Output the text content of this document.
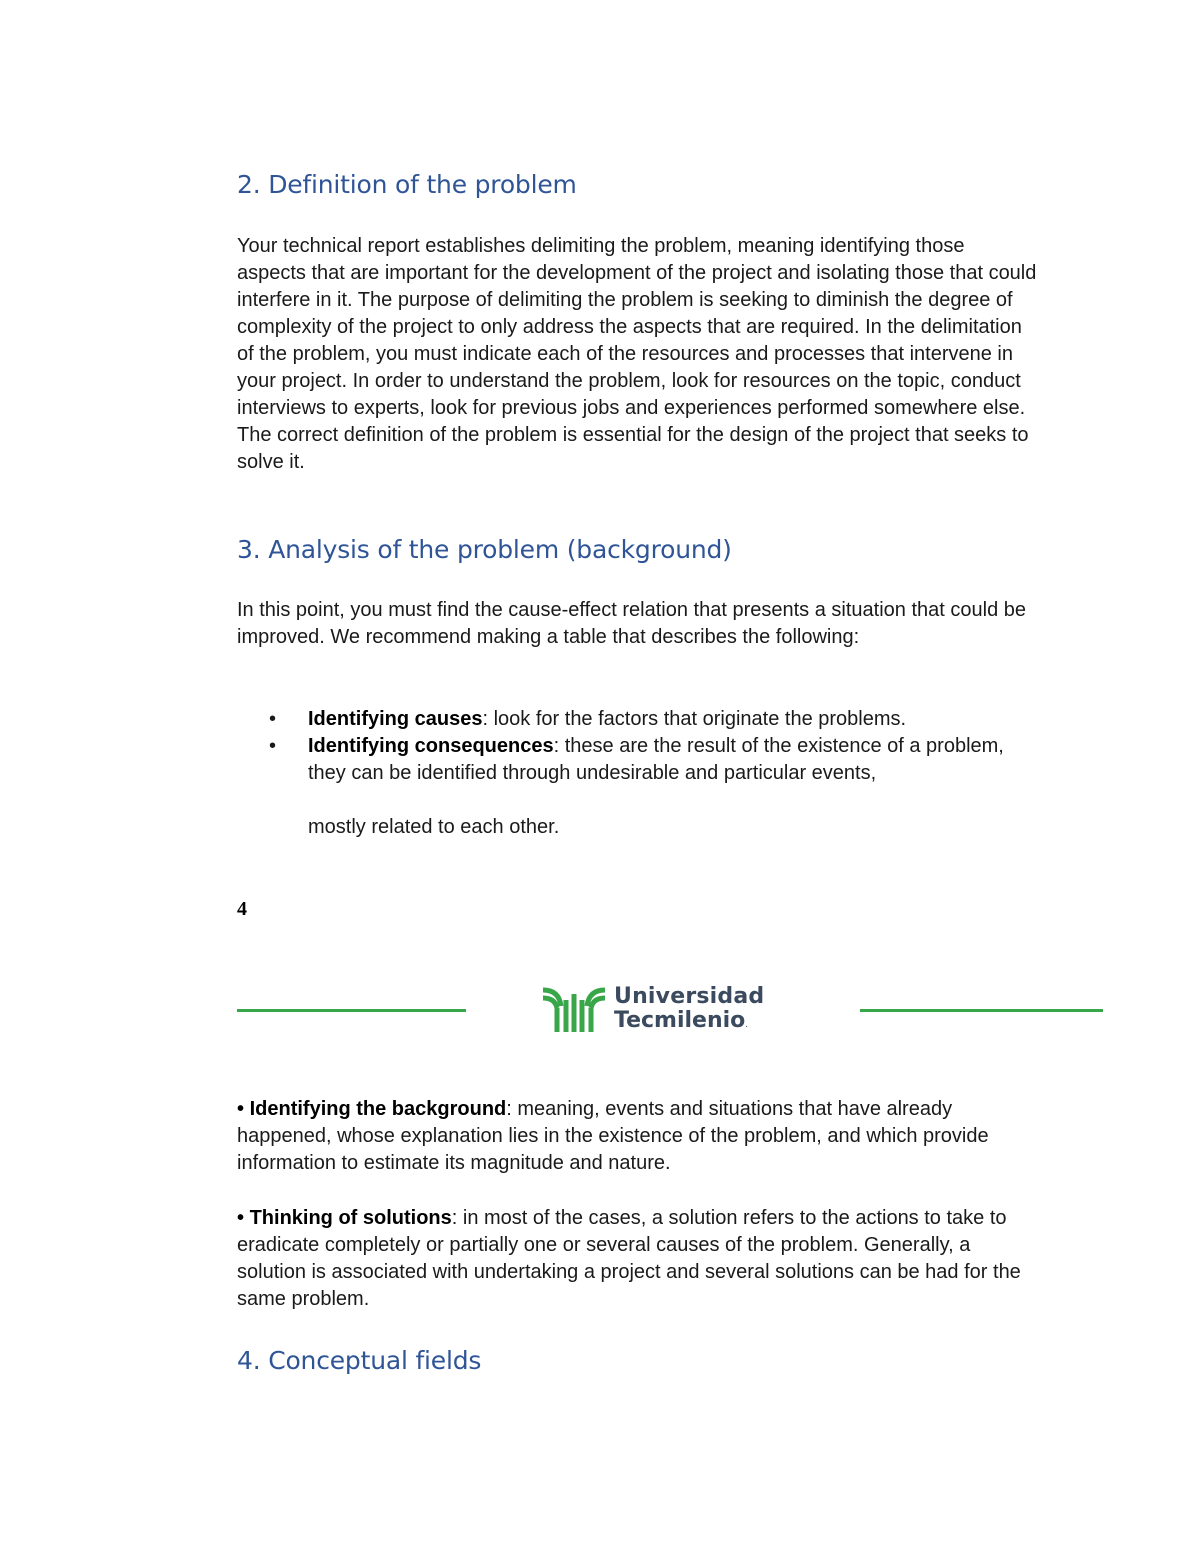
2. Definition of the problem

Your technical report establishes delimiting the problem, meaning identifying those aspects that are important for the development of the project and isolating those that could interfere in it. The purpose of delimiting the problem is seeking to diminish the degree of complexity of the project to only address the aspects that are required. In the delimitation of the problem, you must indicate each of the resources and processes that intervene in your project. In order to understand the problem, look for resources on the topic, conduct interviews to experts, look for previous jobs and experiences performed somewhere else. The correct definition of the problem is essential for the design of the project that seeks to solve it.

3. Analysis of the problem (background)

In this point, you must find the cause-effect relation that presents a situation that could be improved. We recommend making a table that describes the following:

• Identifying causes: look for the factors that originate the problems.
• Identifying consequences: these are the result of the existence of a problem, they can be identified through undesirable and particular events,
mostly related to each other.

4

Universidad

Tecmilenio.

• Identifying the background: meaning, events and situations that have already happened, whose explanation lies in the existence of the problem, and which provide information to estimate its magnitude and nature.

• Thinking of solutions: in most of the cases, a solution refers to the actions to take to eradicate completely or partially one or several causes of the problem. Generally, a solution is associated with undertaking a project and several solutions can be had for the same problem.

4. Conceptual fields
